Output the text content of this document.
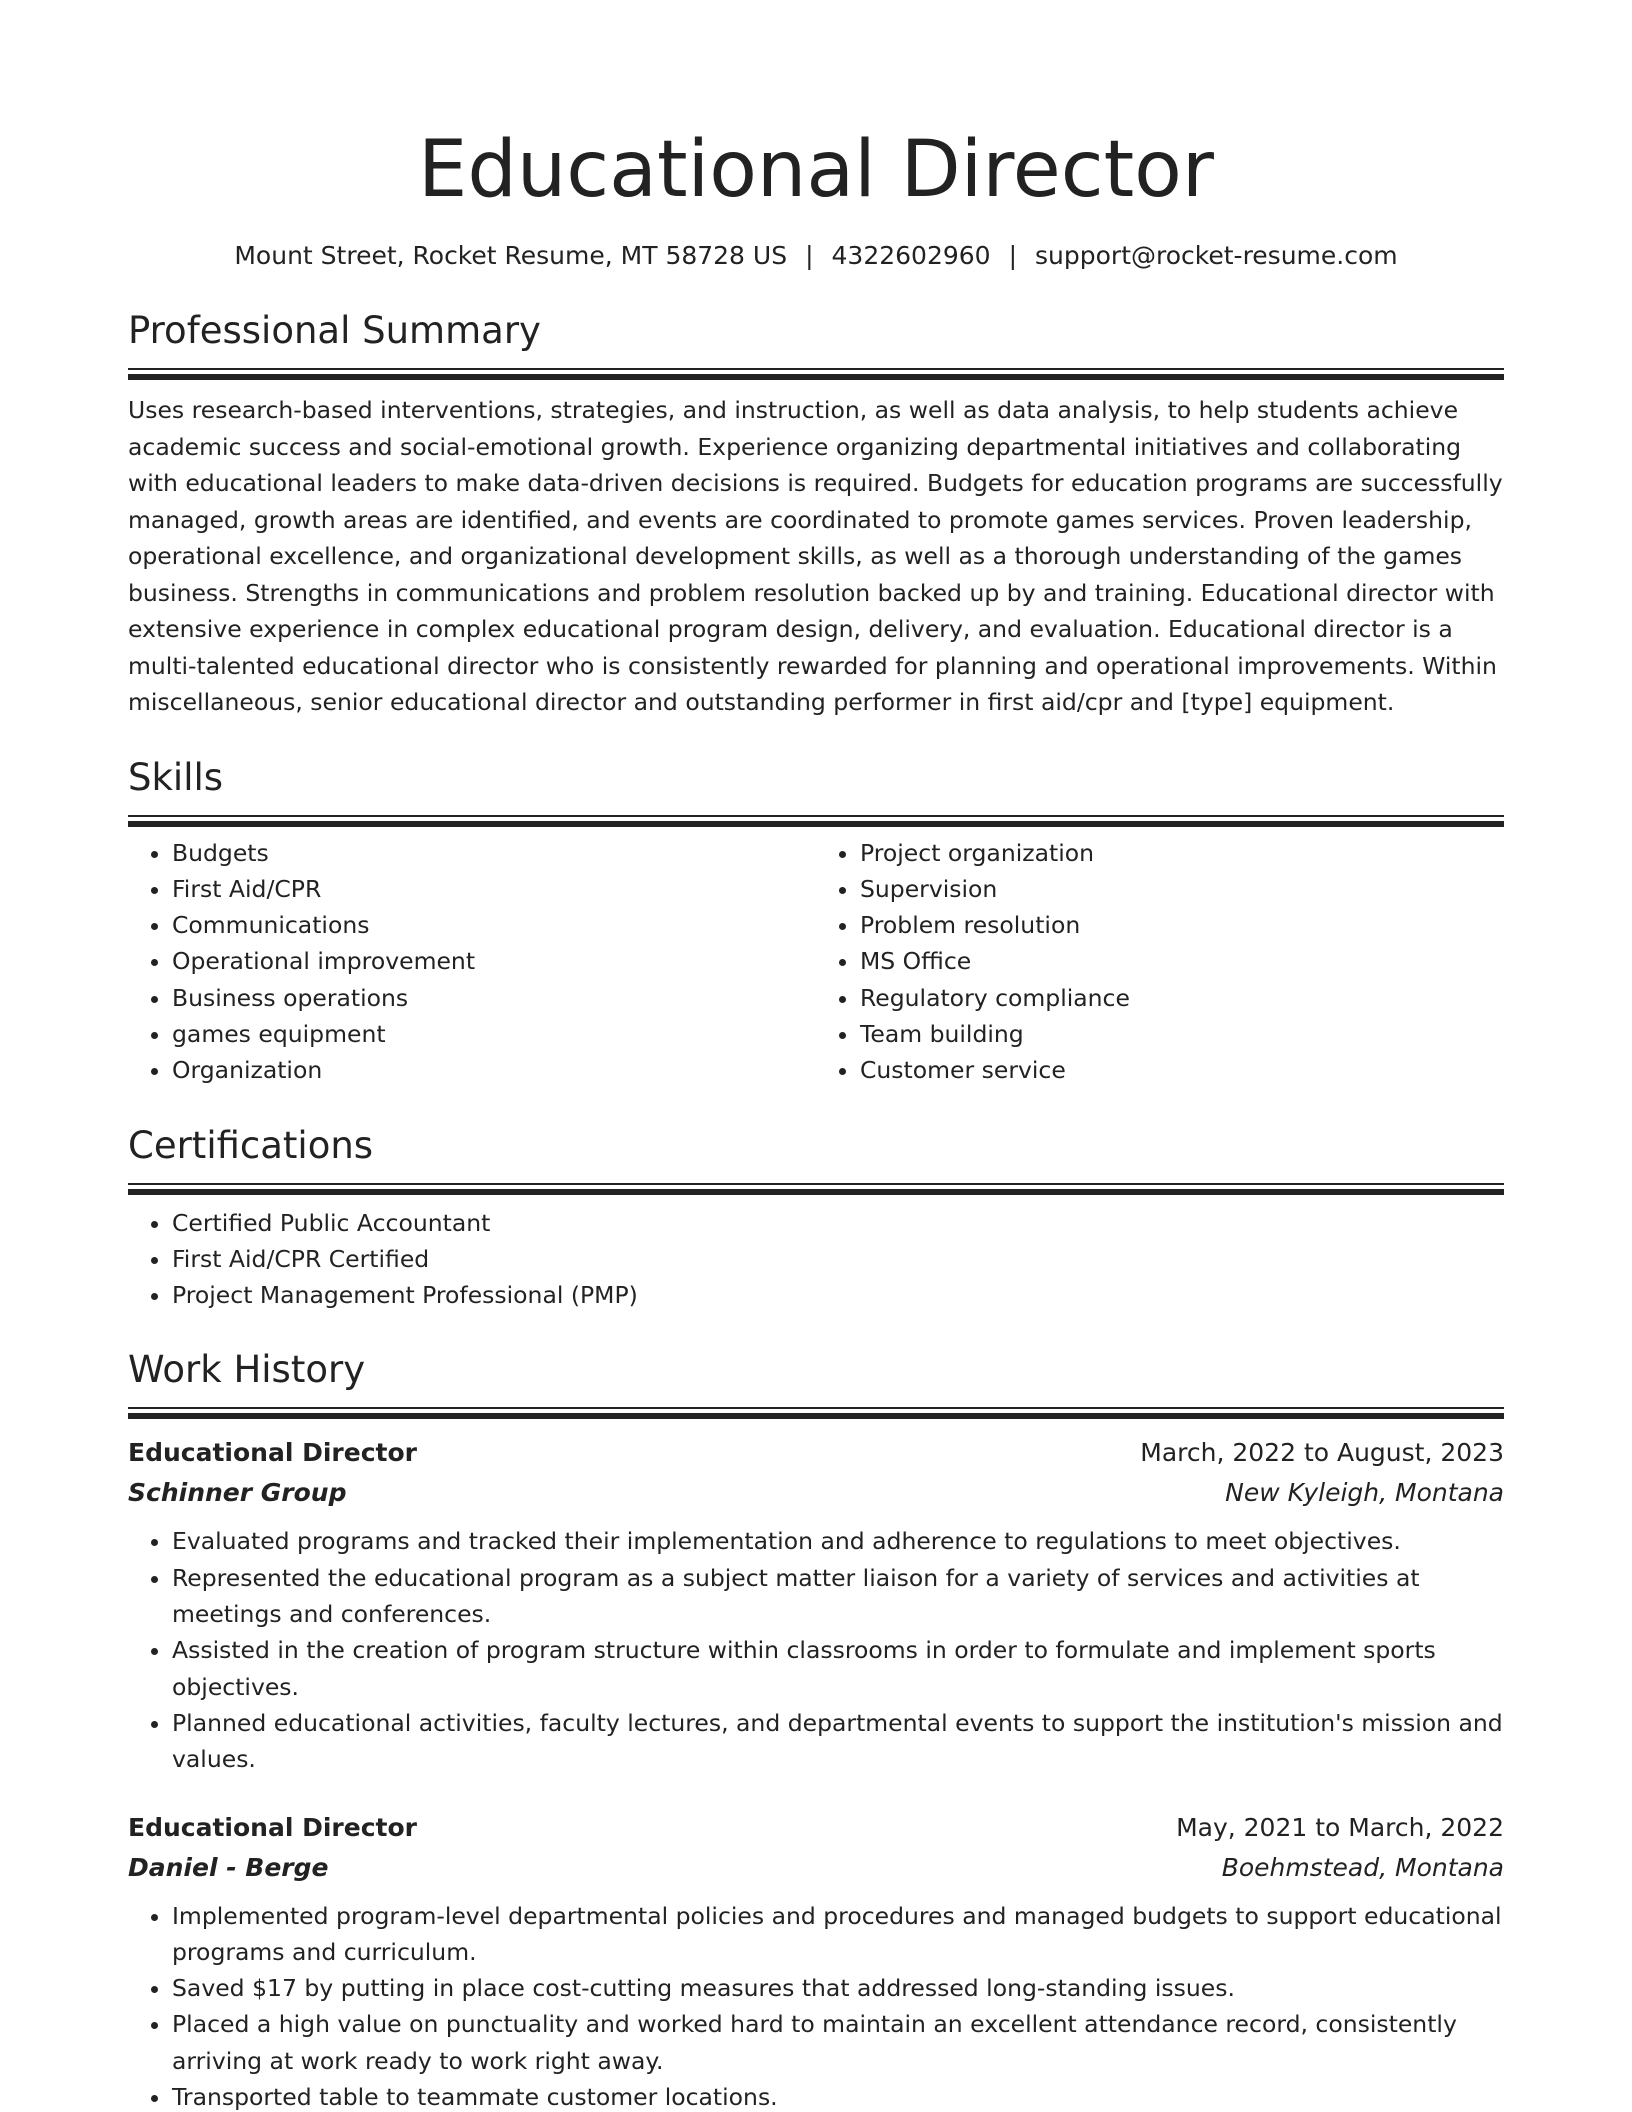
Educational Director
Mount Street, Rocket Resume, MT 58728 US | 4322602960 | support@rocket-resume.com
Professional Summary

Uses research-based interventions, strategies, and instruction, as well as data analysis, to help students achieve academic success and social-emotional growth. Experience organizing departmental initiatives and collaborating with educational leaders to make data-driven decisions is required. Budgets for education programs are successfully managed, growth areas are identified, and events are coordinated to promote games services. Proven leadership, operational excellence, and organizational development skills, as well as a thorough understanding of the games business. Strengths in communications and problem resolution backed up by and training. Educational director with extensive experience in complex educational program design, delivery, and evaluation. Educational director is a multi-talented educational director who is consistently rewarded for planning and operational improvements. Within miscellaneous, senior educational director and outstanding performer in first aid/cpr and [type] equipment.

Skills
• Budgets
• First Aid/CPR
• Communications
• Operational improvement
• Business operations
• games equipment
• Organization
• Project organization
• Supervision
• Problem resolution
• MS Office
• Regulatory compliance
• Team building
• Customer service
Certifications
• Certified Public Accountant
• First Aid/CPR Certified
• Project Management Professional (PMP)
Work History
Educational Director	March, 2022 to August, 2023
Schinner Group	New Kyleigh, Montana
• Evaluated programs and tracked their implementation and adherence to regulations to meet objectives.
• Represented the educational program as a subject matter liaison for a variety of services and activities at meetings and conferences.
• Assisted in the creation of program structure within classrooms in order to formulate and implement sports objectives.
• Planned educational activities, faculty lectures, and departmental events to support the institution's mission and values.
Educational Director	May, 2021 to March, 2022
Daniel - Berge	Boehmstead, Montana
• Implemented program-level departmental policies and procedures and managed budgets to support educational programs and curriculum.
• Saved $17 by putting in place cost-cutting measures that addressed long-standing issues.
• Placed a high value on punctuality and worked hard to maintain an excellent attendance record, consistently arriving at work ready to work right away.
• Transported table to teammate customer locations.
